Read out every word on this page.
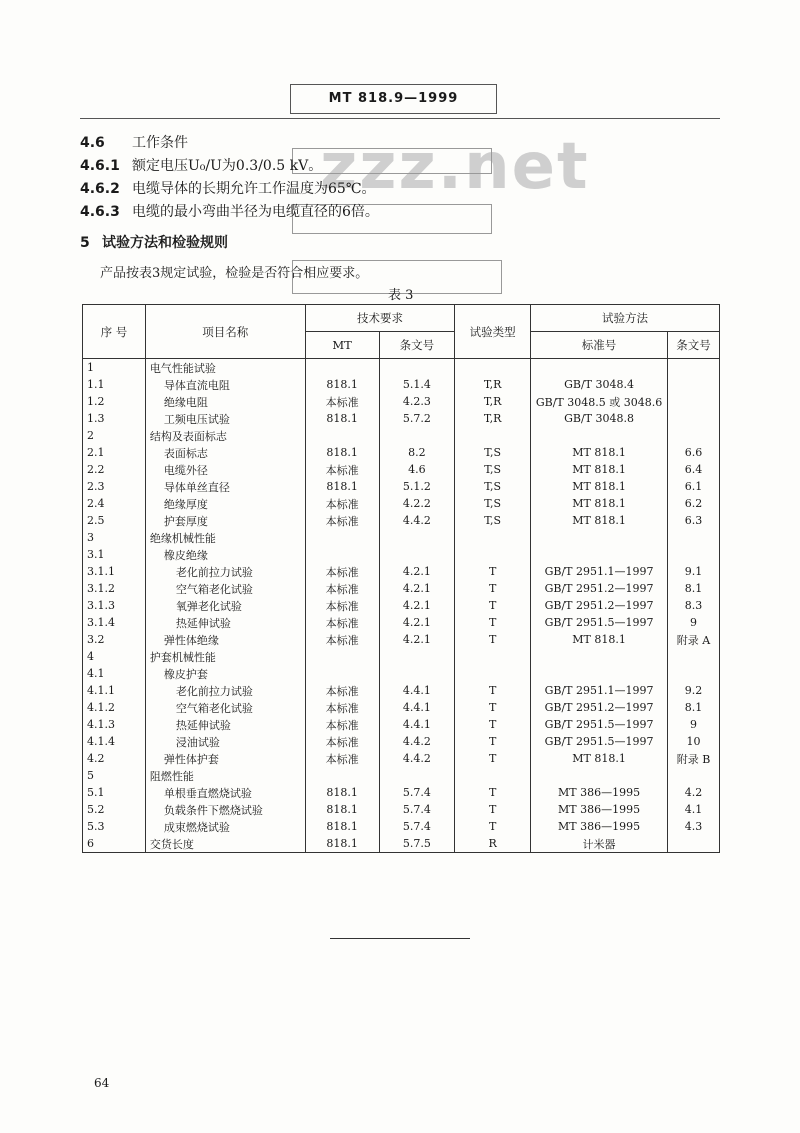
MT 818.9—1999
zzz.net
4.6 工作条件
4.6.1 额定电压U₀/U为0.3/0.5 kV。
4.6.2 电缆导体的长期允许工作温度为65℃。
4.6.3 电缆的最小弯曲半径为电缆直径的6倍。
5 试验方法和检验规则
产品按表3规定试验，检验是否符合相应要求。
表 3
序 号	项目名称	技术要求		试验类型	试验方法	
		MT	条文号		标准号	条文号
1	电气性能试验					
1.1	导体直流电阻	818.1	5.1.4	T,R	GB/T 3048.4	
1.2	绝缘电阻	本标准	4.2.3	T,R	GB/T 3048.5 或 3048.6	
1.3	工频电压试验	818.1	5.7.2	T,R	GB/T 3048.8	
2	结构及表面标志					
2.1	表面标志	818.1	8.2	T,S	MT 818.1	6.6
2.2	电缆外径	本标准	4.6	T,S	MT 818.1	6.4
2.3	导体单丝直径	818.1	5.1.2	T,S	MT 818.1	6.1
2.4	绝缘厚度	本标准	4.2.2	T,S	MT 818.1	6.2
2.5	护套厚度	本标准	4.4.2	T,S	MT 818.1	6.3
3	绝缘机械性能					
3.1	橡皮绝缘					
3.1.1	老化前拉力试验	本标准	4.2.1	T	GB/T 2951.1—1997	9.1
3.1.2	空气箱老化试验	本标准	4.2.1	T	GB/T 2951.2—1997	8.1
3.1.3	氧弹老化试验	本标准	4.2.1	T	GB/T 2951.2—1997	8.3
3.1.4	热延伸试验	本标准	4.2.1	T	GB/T 2951.5—1997	9
3.2	弹性体绝缘	本标准	4.2.1	T	MT 818.1	附录 A
4	护套机械性能					
4.1	橡皮护套					
4.1.1	老化前拉力试验	本标准	4.4.1	T	GB/T 2951.1—1997	9.2
4.1.2	空气箱老化试验	本标准	4.4.1	T	GB/T 2951.2—1997	8.1
4.1.3	热延伸试验	本标准	4.4.1	T	GB/T 2951.5—1997	9
4.1.4	浸油试验	本标准	4.4.2	T	GB/T 2951.5—1997	10
4.2	弹性体护套	本标准	4.4.2	T	MT 818.1	附录 B
5	阻燃性能					
5.1	单根垂直燃烧试验	818.1	5.7.4	T	MT 386—1995	4.2
5.2	负载条件下燃烧试验	818.1	5.7.4	T	MT 386—1995	4.1
5.3	成束燃烧试验	818.1	5.7.4	T	MT 386—1995	4.3
6	交货长度	818.1	5.7.5	R	计米器	
64
